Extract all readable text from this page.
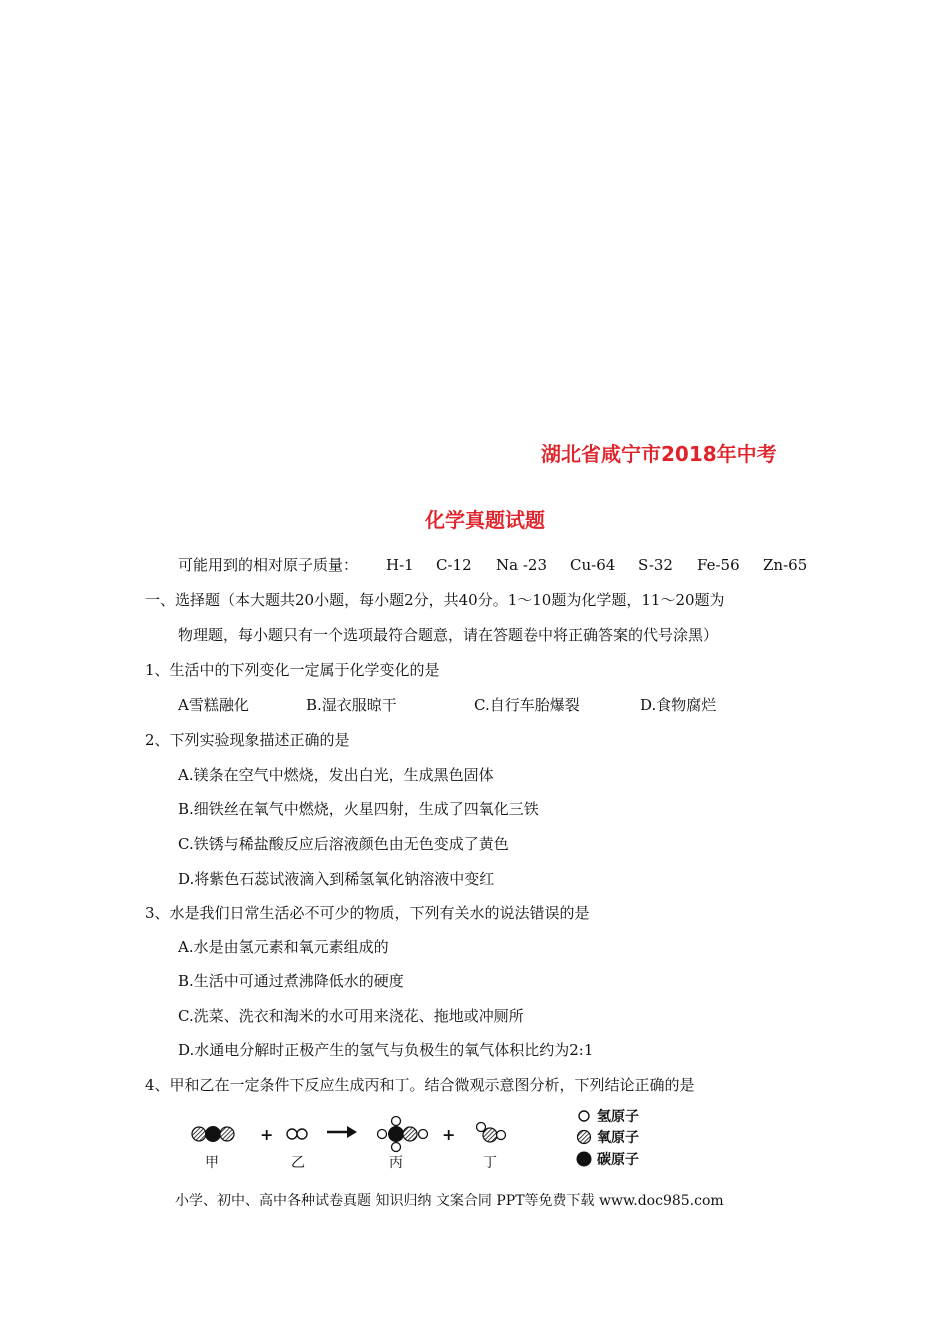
湖北省咸宁市2018年中考
化学真题试题
可能用到的相对原子质量： H-1 C-12 Na -23 Cu-64 S-32 Fe-56 Zn-65
一、选择题（本大题共20小题，每小题2分，共40分。1～10题为化学题，11～20题为
物理题，每小题只有一个选项最符合题意，请在答题卷中将正确答案的代号涂黑）
1、生活中的下列变化一定属于化学变化的是
A雪糕融化	B.湿衣服晾干	C.自行车胎爆裂	D.食物腐烂
2、下列实验现象描述正确的是
A.镁条在空气中燃烧，发出白光，生成黑色固体
B.细铁丝在氧气中燃烧，火星四射，生成了四氧化三铁
C.铁锈与稀盐酸反应后溶液颜色由无色变成了黄色
D.将紫色石蕊试液滴入到稀氢氧化钠溶液中变红
3、水是我们日常生活必不可少的物质，下列有关水的说法错误的是
A.水是由氢元素和氧元素组成的
B.生活中可通过煮沸降低水的硬度
C.洗菜、洗衣和淘米的水可用来浇花、拖地或冲厕所
D.水通电分解时正极产生的氢气与负极生的氧气体积比约为2:1
4、甲和乙在一定条件下反应生成丙和丁。结合微观示意图分析，下列结论正确的是
+
→
+
甲	乙	丙	丁
氢原子
氧原子
碳原子
小学、初中、高中各种试卷真题 知识归纳 文案合同 PPT等免费下载 www.doc985.com
